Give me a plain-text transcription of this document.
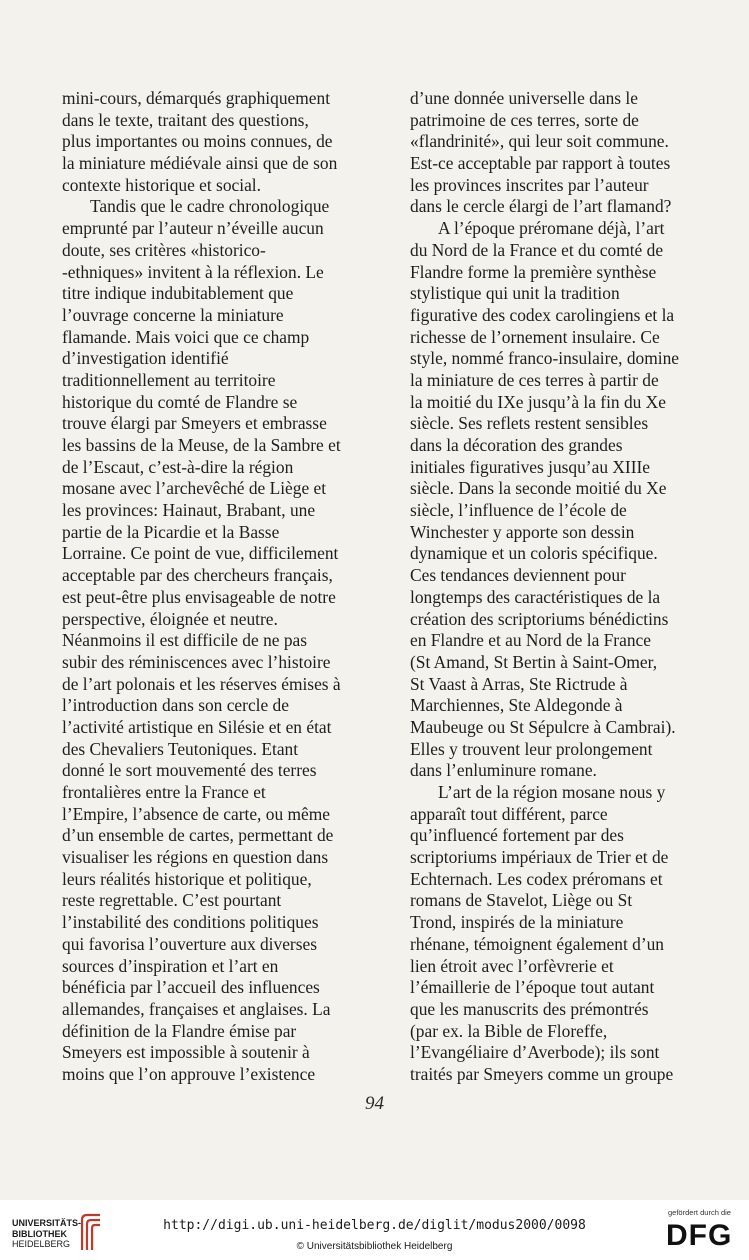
mini-cours, démarqués graphiquement
dans le texte, traitant des questions,
plus importantes ou moins connues, de
la miniature médiévale ainsi que de son
contexte historique et social.
Tandis que le cadre chronologique
emprunté par l’auteur n’éveille aucun
doute, ses critères «historico-
-ethniques» invitent à la réflexion. Le
titre indique indubitablement que
l’ouvrage concerne la miniature
flamande. Mais voici que ce champ
d’investigation identifié
traditionnellement au territoire
historique du comté de Flandre se
trouve élargi par Smeyers et embrasse
les bassins de la Meuse, de la Sambre et
de l’Escaut, c’est-à-dire la région
mosane avec l’archevêché de Liège et
les provinces: Hainaut, Brabant, une
partie de la Picardie et la Basse
Lorraine. Ce point de vue, difficilement
acceptable par des chercheurs français,
est peut-être plus envisageable de notre
perspective, éloignée et neutre.
Néanmoins il est difficile de ne pas
subir des réminiscences avec l’histoire
de l’art polonais et les réserves émises à
l’introduction dans son cercle de
l’activité artistique en Silésie et en état
des Chevaliers Teutoniques. Etant
donné le sort mouvementé des terres
frontalières entre la France et
l’Empire, l’absence de carte, ou même
d’un ensemble de cartes, permettant de
visualiser les régions en question dans
leurs réalités historique et politique,
reste regrettable. C’est pourtant
l’instabilité des conditions politiques
qui favorisa l’ouverture aux diverses
sources d’inspiration et l’art en
bénéficia par l’accueil des influences
allemandes, françaises et anglaises. La
définition de la Flandre émise par
Smeyers est impossible à soutenir à
moins que l’on approuve l’existence
d’une donnée universelle dans le
patrimoine de ces terres, sorte de
«flandrinité», qui leur soit commune.
Est-ce acceptable par rapport à toutes
les provinces inscrites par l’auteur
dans le cercle élargi de l’art flamand?
A l’époque préromane déjà, l’art
du Nord de la France et du comté de
Flandre forme la première synthèse
stylistique qui unit la tradition
figurative des codex carolingiens et la
richesse de l’ornement insulaire. Ce
style, nommé franco-insulaire, domine
la miniature de ces terres à partir de
la moitié du IXe jusqu’à la fin du Xe
siècle. Ses reflets restent sensibles
dans la décoration des grandes
initiales figuratives jusqu’au XIIIe
siècle. Dans la seconde moitié du Xe
siècle, l’influence de l’école de
Winchester y apporte son dessin
dynamique et un coloris spécifique.
Ces tendances deviennent pour
longtemps des caractéristiques de la
création des scriptoriums bénédictins
en Flandre et au Nord de la France
(St Amand, St Bertin à Saint-Omer,
St Vaast à Arras, Ste Rictrude à
Marchiennes, Ste Aldegonde à
Maubeuge ou St Sépulcre à Cambrai).
Elles y trouvent leur prolongement
dans l’enluminure romane.
L’art de la région mosane nous y
apparaît tout différent, parce
qu’influencé fortement par des
scriptoriums impériaux de Trier et de
Echternach. Les codex préromans et
romans de Stavelot, Liège ou St
Trond, inspirés de la miniature
rhénane, témoignent également d’un
lien étroit avec l’orfèvrerie et
l’émaillerie de l’époque tout autant
que les manuscrits des prémontrés
(par ex. la Bible de Floreffe,
l’Evangéliaire d’Averbode); ils sont
traités par Smeyers comme un groupe
94
UNIVERSITÄTS-
BIBLIOTHEK
HEIDELBERG
http://digi.ub.uni-heidelberg.de/diglit/modus2000/0098
© Universitätsbibliothek Heidelberg
gefördert durch die
DFG
